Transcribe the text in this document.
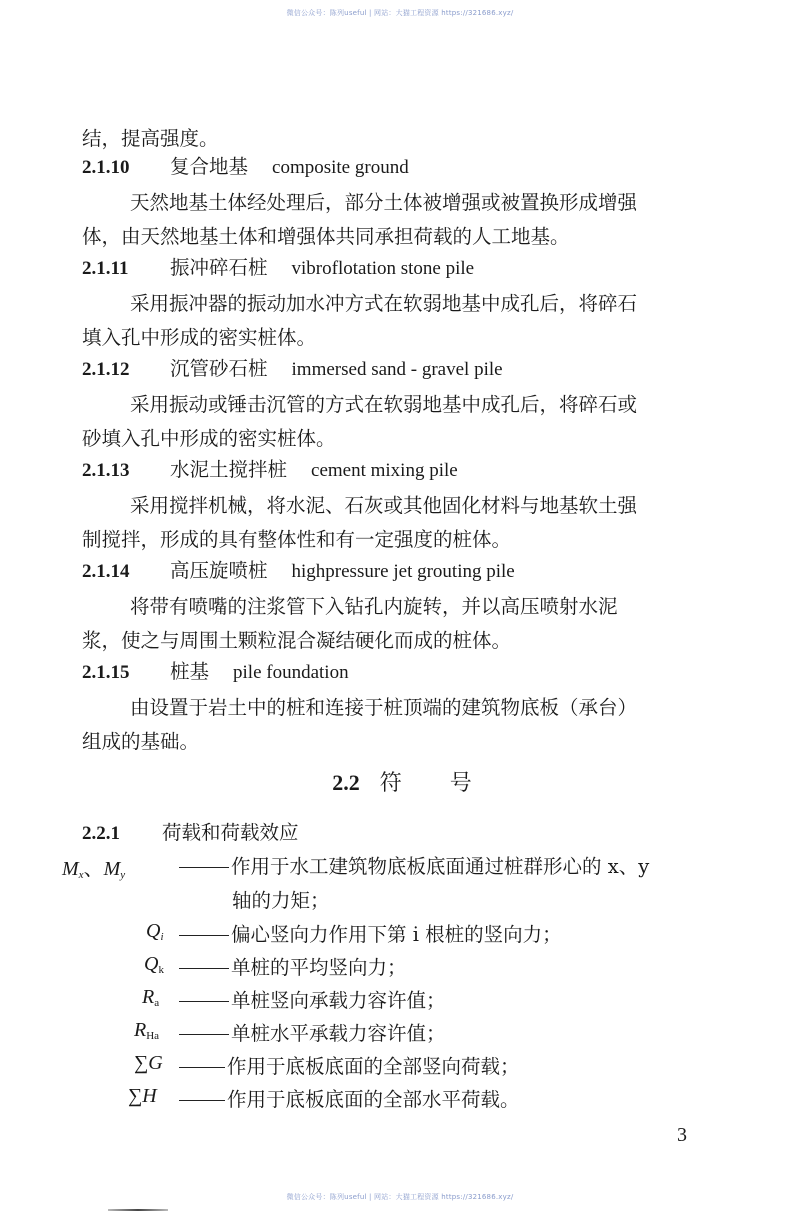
微信公众号：陈列useful | 网站：大猫工程资源 https://321686.xyz/
结，提高强度。
2.1.10 复合地基 composite ground
天然地基土体经处理后，部分土体被增强或被置换形成增强
体，由天然地基土体和增强体共同承担荷载的人工地基。
2.1.11 振冲碎石桩 vibroflotation stone pile
采用振冲器的振动加水冲方式在软弱地基中成孔后，将碎石
填入孔中形成的密实桩体。
2.1.12 沉管砂石桩 immersed sand - gravel pile
采用振动或锤击沉管的方式在软弱地基中成孔后，将碎石或
砂填入孔中形成的密实桩体。
2.1.13 水泥土搅拌桩 cement mixing pile
采用搅拌机械，将水泥、石灰或其他固化材料与地基软土强
制搅拌，形成的具有整体性和有一定强度的桩体。
2.1.14 高压旋喷桩 highpressure jet grouting pile
将带有喷嘴的注浆管下入钻孔内旋转，并以高压喷射水泥
浆，使之与周围土颗粒混合凝结硬化而成的桩体。
2.1.15 桩基 pile foundation
由设置于岩土中的桩和连接于桩顶端的建筑物底板（承台）
组成的基础。
2.2 符 号
2.2.1 荷载和荷载效应
$M_x$、$M_y$	作用于水工建筑物底板底面通过桩群形心的 x、y
轴的力矩；
$Q_i$	偏心竖向力作用下第 i 根桩的竖向力；
$Q_k$	单桩的平均竖向力；
$R_a$	单桩竖向承载力容许值；
$R_{Ha}$	单桩水平承载力容许值；
∑G	作用于底板底面的全部竖向荷载；
∑H	作用于底板底面的全部水平荷载。
3
微信公众号：陈列useful | 网站：大猫工程资源 https://321686.xyz/
